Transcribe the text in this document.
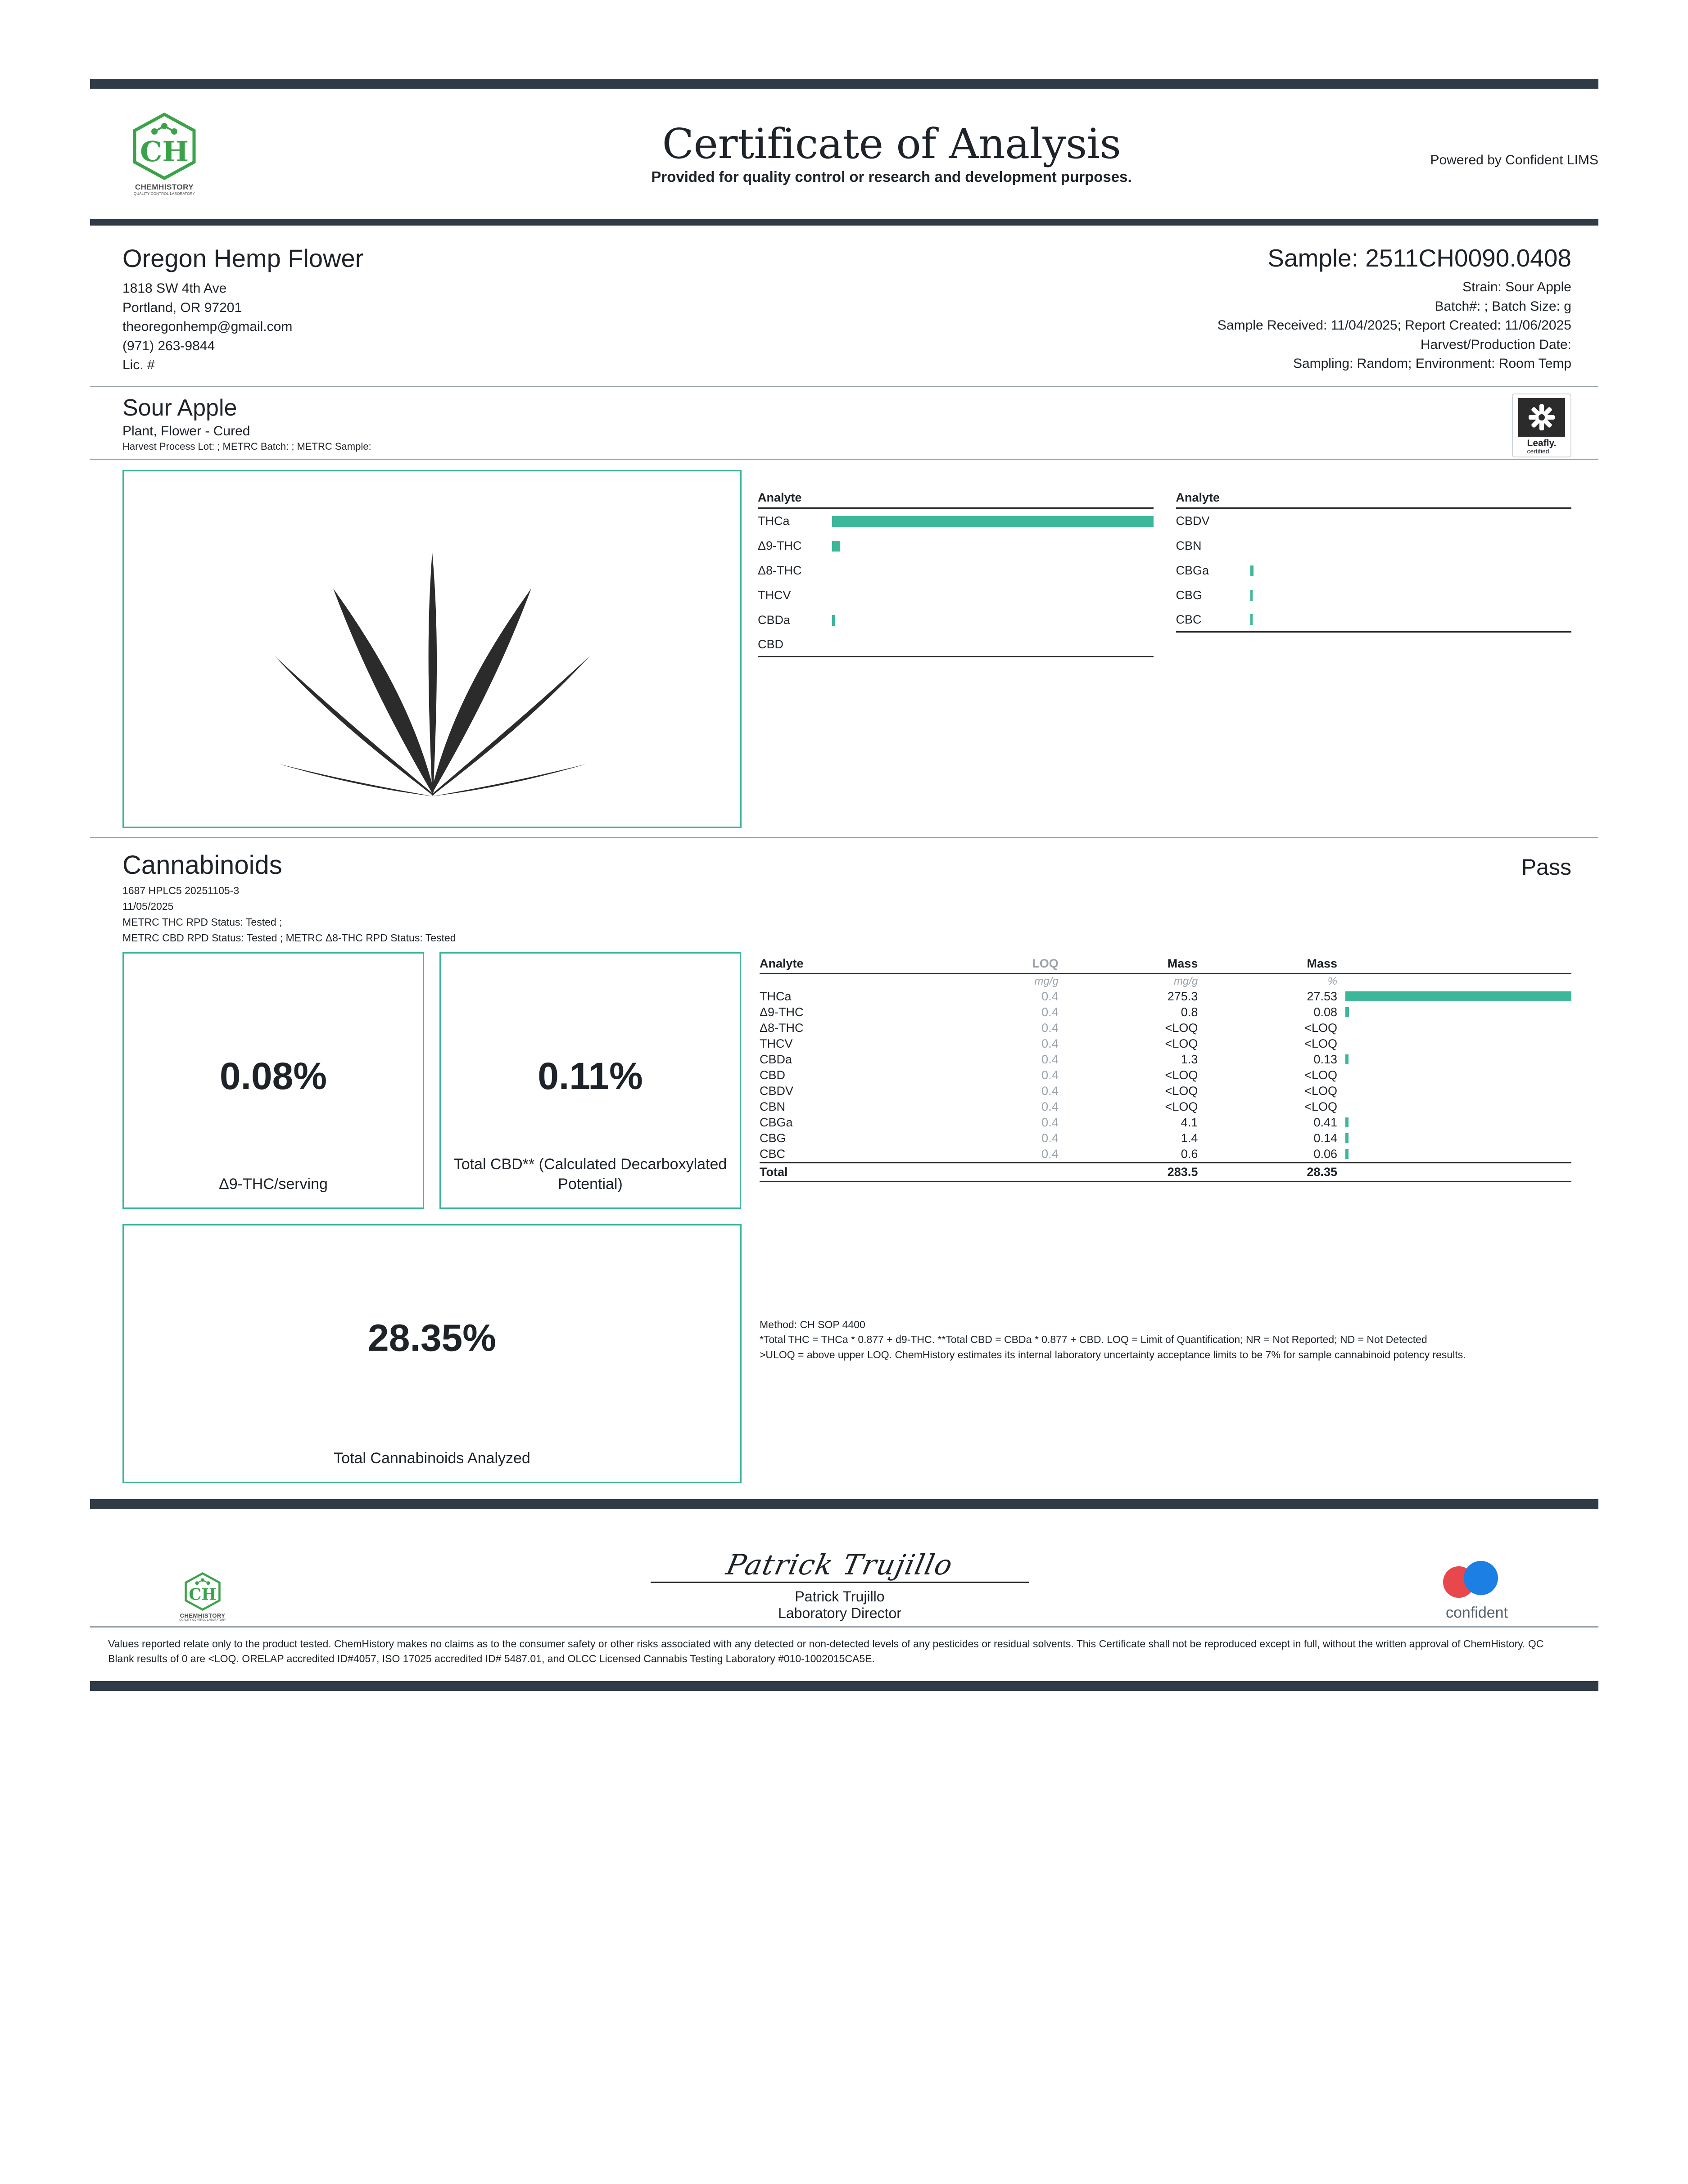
CH
CHEMHISTORY
QUALITY CONTROL LABORATORY
Certificate of Analysis
Provided for quality control or research and development purposes.
Powered by Confident LIMS
Oregon Hemp Flower
1818 SW 4th Ave
Portland, OR 97201
theoregonhemp@gmail.com
(971) 263-9844
Lic. #
Sample: 2511CH0090.0408
Strain: Sour Apple
Batch#: ; Batch Size: g
Sample Received: 11/04/2025; Report Created: 11/06/2025
Harvest/Production Date:
Sampling: Random; Environment: Room Temp
Sour Apple
Plant, Flower - Cured
Harvest Process Lot: ; METRC Batch: ; METRC Sample:	Leafly.
certified
Analyte
THCa
Δ9-THC
Δ8-THC
THCV
CBDa
CBD
Analyte
CBDV
CBN
CBGa
CBG
CBC
Cannabinoids	Pass
1687 HPLC5 20251105-3
11/05/2025
METRC THC RPD Status: Tested ;
METRC CBD RPD Status: Tested ; METRC Δ8-THC RPD Status: Tested
0.08%
Δ9-THC/serving
0.11%
Total CBD** (Calculated Decarboxylated Potential)
28.35%
Total Cannabinoids Analyzed
Analyte	LOQ	Mass	Mass	
	mg/g	mg/g	%	
THCa	0.4	275.3	27.53	

Δ9-THC	0.4	0.8	0.08	

Δ8-THC	0.4	<LOQ	<LOQ	
THCV	0.4	<LOQ	<LOQ	
CBDa	0.4	1.3	0.13	

CBD	0.4	<LOQ	<LOQ	
CBDV	0.4	<LOQ	<LOQ	
CBN	0.4	<LOQ	<LOQ	
CBGa	0.4	4.1	0.41	

CBG	0.4	1.4	0.14	

CBC	0.4	0.6	0.06	

Total		283.5	28.35	
Method: CH SOP 4400
*Total THC = THCa * 0.877 + d9-THC. **Total CBD = CBDa * 0.877 + CBD. LOQ = Limit of Quantification; NR = Not Reported; ND = Not Detected
>ULOQ = above upper LOQ. ChemHistory estimates its internal laboratory uncertainty acceptance limits to be 7% for sample cannabinoid potency results.
CH
CHEMHISTORY
QUALITY CONTROL LABORATORY
Patrick Trujillo
Patrick Trujillo
Laboratory Director	confident
Values reported relate only to the product tested. ChemHistory makes no claims as to the consumer safety or other risks associated with any detected or non-detected levels of any pesticides or residual solvents. This Certificate shall not be reproduced except in full, without the written approval of ChemHistory. QC Blank results of 0 are <LOQ. ORELAP accredited ID#4057, ISO 17025 accredited ID# 5487.01, and OLCC Licensed Cannabis Testing Laboratory #010-1002015CA5E.
